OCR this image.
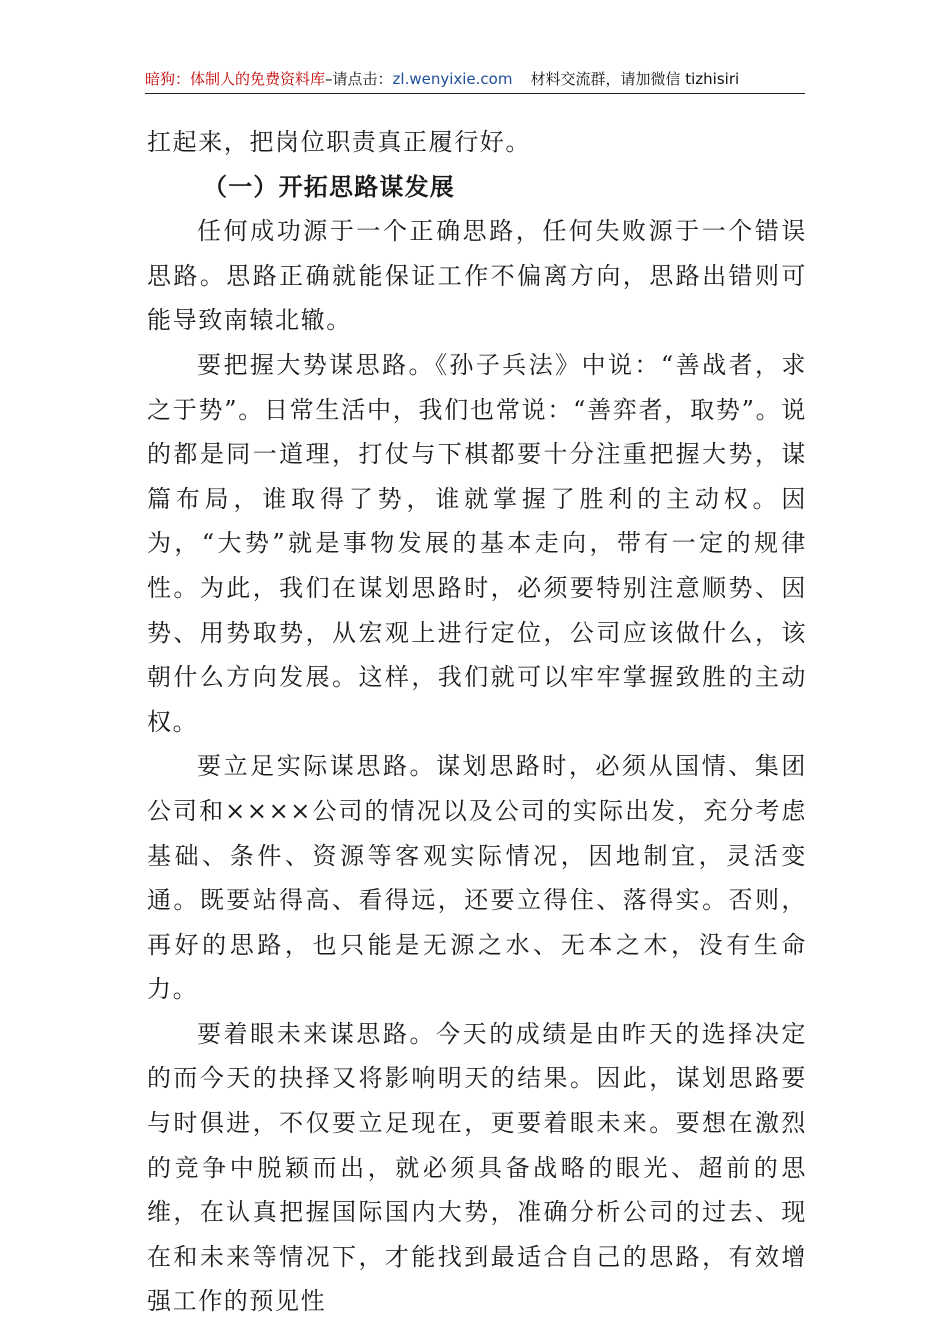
暗狗：体制人的免费资料库–请点击：zl.wenyixie.com 材料交流群，请加微信 tizhisiri

扛起来，把岗位职责真正履行好。

（一）开拓思路谋发展

任何成功源于一个正确思路，任何失败源于一个错误思路。思路正确就能保证工作不偏离方向，思路出错则可能导致南辕北辙。

要把握大势谋思路。《孙子兵法》中说：“善战者，求之于势”。日常生活中，我们也常说：“善弈者，取势”。说的都是同一道理，打仗与下棋都要十分注重把握大势，谋篇布局，谁取得了势，谁就掌握了胜利的主动权。因为，“大势”就是事物发展的基本走向，带有一定的规律性。为此，我们在谋划思路时，必须要特别注意顺势、因势、用势取势，从宏观上进行定位，公司应该做什么，该朝什么方向发展。这样，我们就可以牢牢掌握致胜的主动权。

要立足实际谋思路。谋划思路时，必须从国情、集团公司和××××公司的情况以及公司的实际出发，充分考虑基础、条件、资源等客观实际情况，因地制宜，灵活变通。既要站得高、看得远，还要立得住、落得实。否则，再好的思路，也只能是无源之水、无本之木，没有生命力。

要着眼未来谋思路。今天的成绩是由昨天的选择决定的而今天的抉择又将影响明天的结果。因此，谋划思路要与时俱进，不仅要立足现在，更要着眼未来。要想在激烈的竞争中脱颖而出，就必须具备战略的眼光、超前的思维，在认真把握国际国内大势，准确分析公司的过去、现在和未来等情况下，才能找到最适合自己的思路，有效增强工作的预见性
